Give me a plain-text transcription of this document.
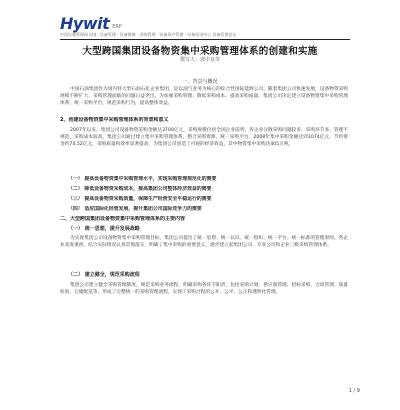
Hywit ERP
中国设备管理网 网址: 设备管理 · 设备维修 · 采购管理 · 设备资产管理 · 设备资讯中心 设备管理论坛 ·
大型跨国集团设备物资集中采购管理体系的创建和实施
撰写人：郭中良等
一、背景与概况
中国石油集团作为国内特大型石油石化企业集团，是以油气业务为核心的综合性国际能源公司。随着集团公司快速发展，设备物资采购规模不断扩大，采购管理面临的问题日益突出。为加强采购管理、降低采购成本、提高采购质量，集团公司决定建立设备物资集中采购管理体系，统一采购平台，规范采购行为，提高整体效益。
2、创建设备物资集中采购管理体系的背景和意义
2007年以来，集团公司设备物资采购金额达3700亿元，采购规模位居全国企业前列。各企业分散采购问题较多，采购环节多，管理不规范，采购成本较高。集团公司通过建立集中采购管理体系，整合采购资源，统一采购平台，2008年集中采购金额达到1074亿元，节约资金约74.52亿元，采购质量和效率显著提高，为集团公司创造了可观的经济效益，其中物资集中采购达405万吨。
（一） 提高设备物资集中采购管理水平，实现采购管理规范化的需要
（二） 降低设备物资采购成本，提高集团公司整体经济效益的需要
（三） 提高设备物资采购质量，保障生产经营安全平稳运行的需要
（四） 适应国际化经营发展，提升集团公司国际竞争力的需要
二、大型跨国集团设备物资集中采购管理体系的主要内容
（一） 统一思想，提升发展战略
为实现集团公司设备物资集中采购管理目标，集团公司提出了统一思想、统一认识、统一组织、统一平台、统一标准的管理原则。各企业高度重视，结合实际情况认真贯彻落实，明确了集中采购的重要意义，逐步建立起集团公司、专业公司和企业三级采购管理体系。
（二） 建立健全，规范采购流程
集团公司建立健全采购管理制度，规范采购业务流程，明确采购各环节职责，包括采购计划、供应商管理、招标采购、合同管理、质量检验、仓储配送等，形成了完整统一的采购管理流程，实现了采购过程的公开、公平、公正和透明化管理。
1 / 9
